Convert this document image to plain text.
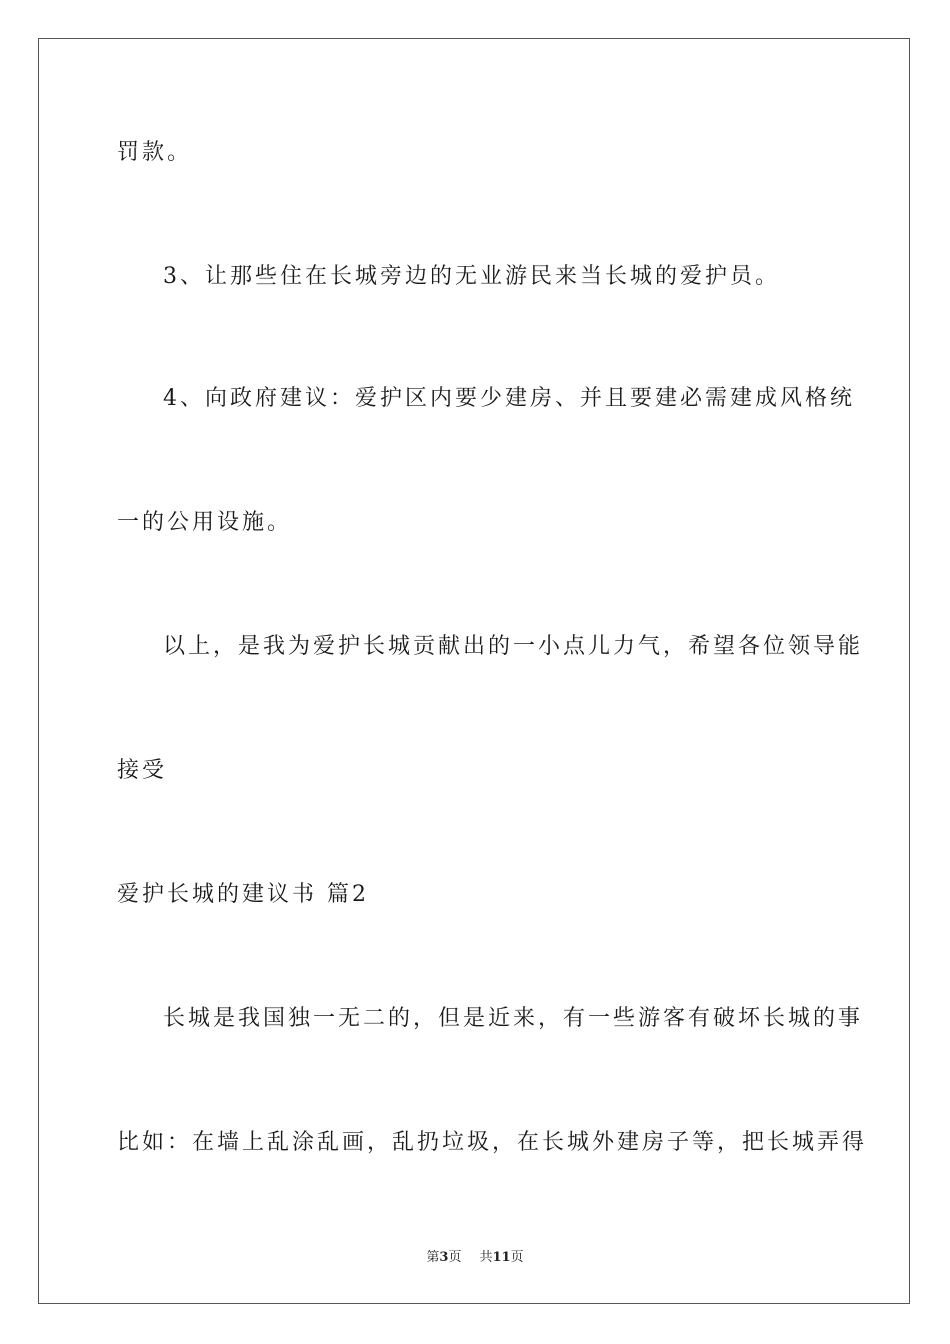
罚款。
3、让那些住在长城旁边的无业游民来当长城的爱护员。
4、向政府建议：爱护区内要少建房、并且要建必需建成风格统
一的公用设施。
以上，是我为爱护长城贡献出的一小点儿力气，希望各位领导能
接受
爱护长城的建议书 篇2
长城是我国独一无二的，但是近来，有一些游客有破坏长城的事
比如：在墙上乱涂乱画，乱扔垃圾，在长城外建房子等，把长城弄得
第3页 共11页
